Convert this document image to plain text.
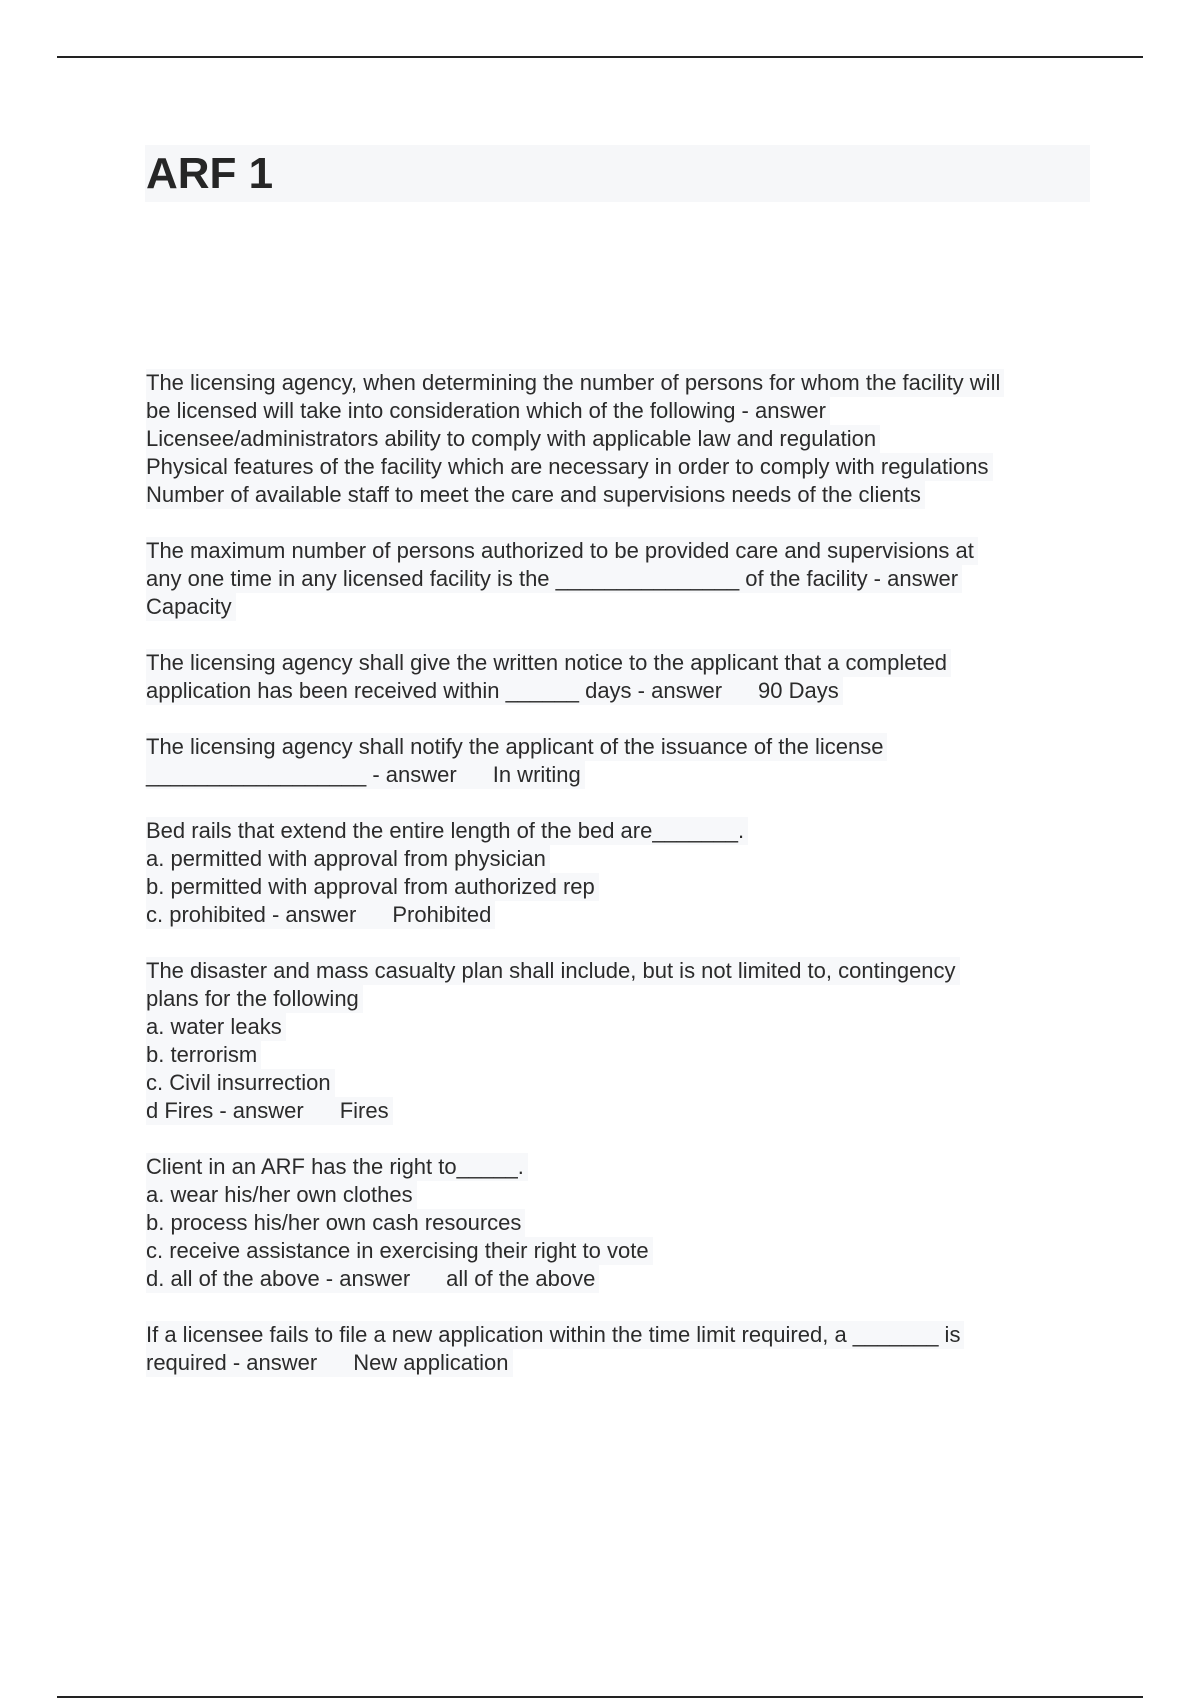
ARF 1
The licensing agency, when determining the number of persons for whom the facility will
be licensed will take into consideration which of the following - answer
Licensee/administrators ability to comply with applicable law and regulation
Physical features of the facility which are necessary in order to comply with regulations
Number of available staff to meet the care and supervisions needs of the clients
The maximum number of persons authorized to be provided care and supervisions at
any one time in any licensed facility is the _______________ of the facility - answer
Capacity
The licensing agency shall give the written notice to the applicant that a completed
application has been received within ______ days - answer 90 Days
The licensing agency shall notify the applicant of the issuance of the license
__________________ - answer In writing
Bed rails that extend the entire length of the bed are_______.
a. permitted with approval from physician
b. permitted with approval from authorized rep
c. prohibited - answer Prohibited
The disaster and mass casualty plan shall include, but is not limited to, contingency
plans for the following
a. water leaks
b. terrorism
c. Civil insurrection
d Fires - answer Fires
Client in an ARF has the right to_____.
a. wear his/her own clothes
b. process his/her own cash resources
c. receive assistance in exercising their right to vote
d. all of the above - answer all of the above
If a licensee fails to file a new application within the time limit required, a _______ is
required - answer New application
